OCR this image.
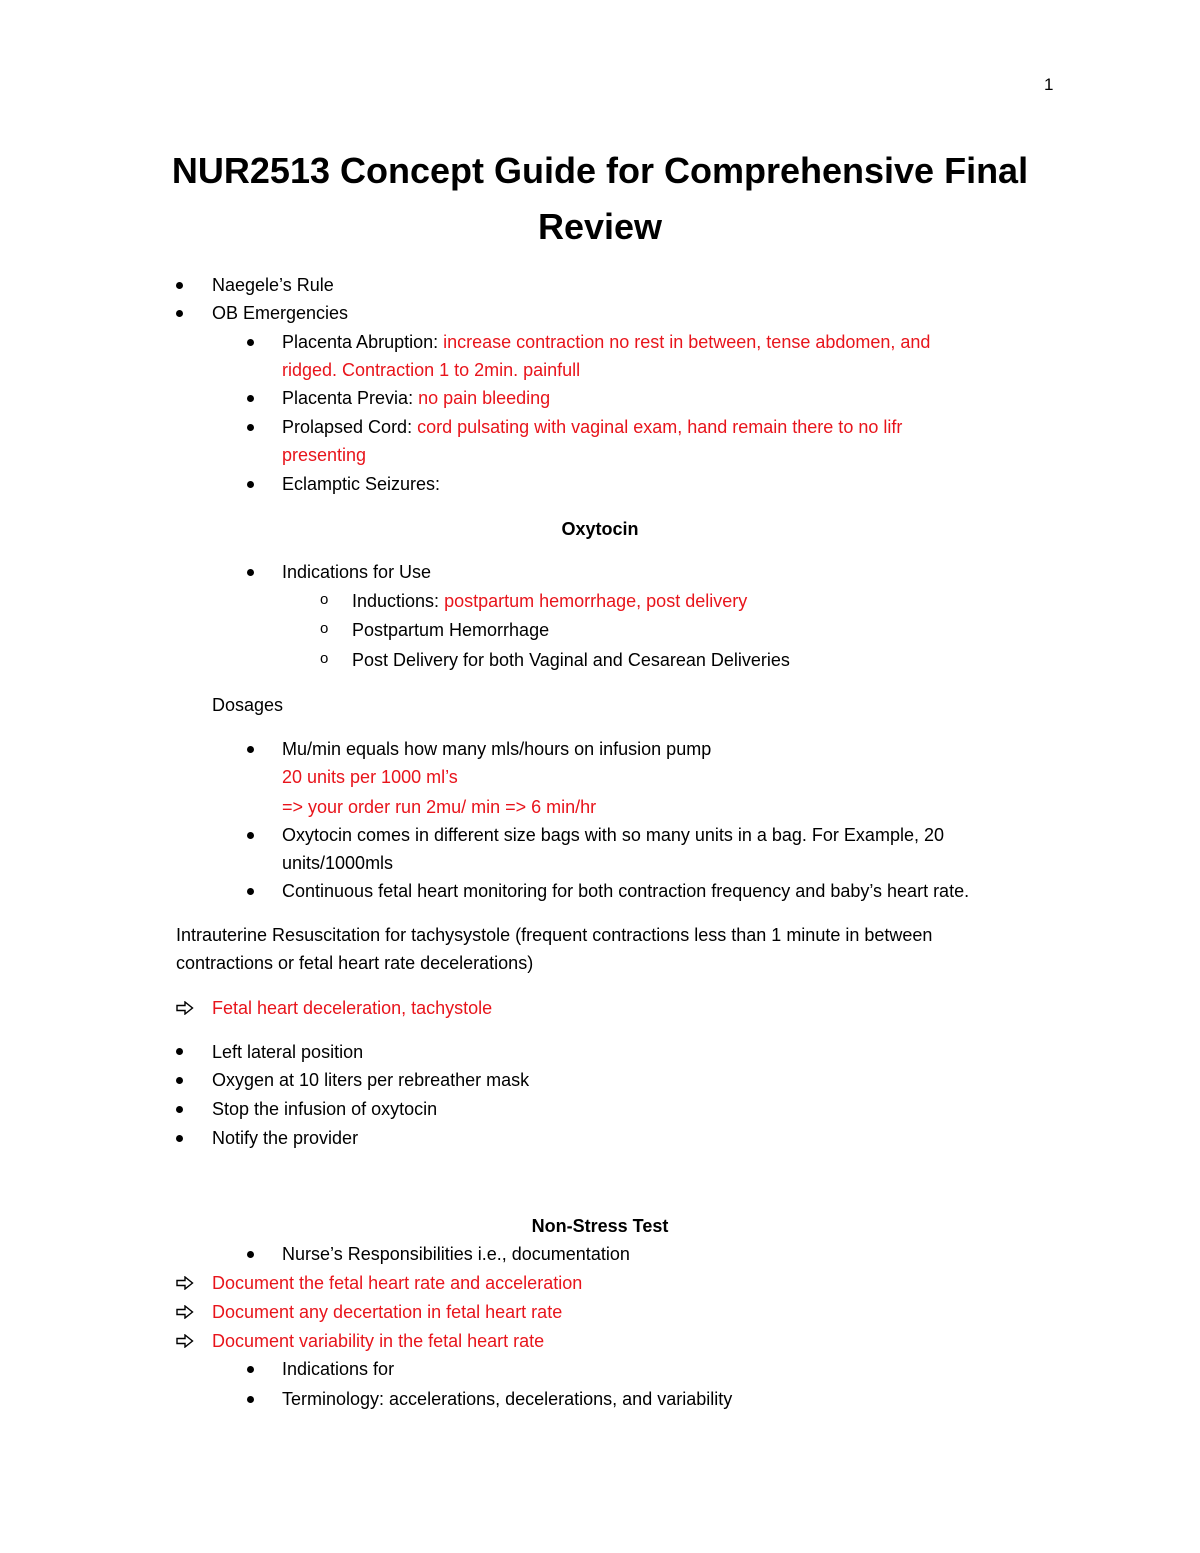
1
NUR2513 Concept Guide for Comprehensive Final
Review
Naegele’s Rule
OB Emergencies
Placenta Abruption: increase contraction no rest in between, tense abdomen, and
ridged. Contraction 1 to 2min. painfull
Placenta Previa: no pain bleeding
Prolapsed Cord: cord pulsating with vaginal exam, hand remain there to no lifr
presenting
Eclamptic Seizures:
Oxytocin
Indications for Use
o Inductions: postpartum hemorrhage, post delivery
o Postpartum Hemorrhage
o Post Delivery for both Vaginal and Cesarean Deliveries
Dosages
Mu/min equals how many mls/hours on infusion pump
20 units per 1000 ml’s
=> your order run 2mu/ min => 6 min/hr
Oxytocin comes in different size bags with so many units in a bag. For Example, 20
units/1000mls
Continuous fetal heart monitoring for both contraction frequency and baby’s heart rate.
Intrauterine Resuscitation for tachysystole (frequent contractions less than 1 minute in between
contractions or fetal heart rate decelerations)
Fetal heart deceleration, tachystole
Left lateral position
Oxygen at 10 liters per rebreather mask
Stop the infusion of oxytocin
Notify the provider
Non-Stress Test
Nurse’s Responsibilities i.e., documentation
Document the fetal heart rate and acceleration
Document any decertation in fetal heart rate
Document variability in the fetal heart rate
Indications for
Terminology: accelerations, decelerations, and variability
